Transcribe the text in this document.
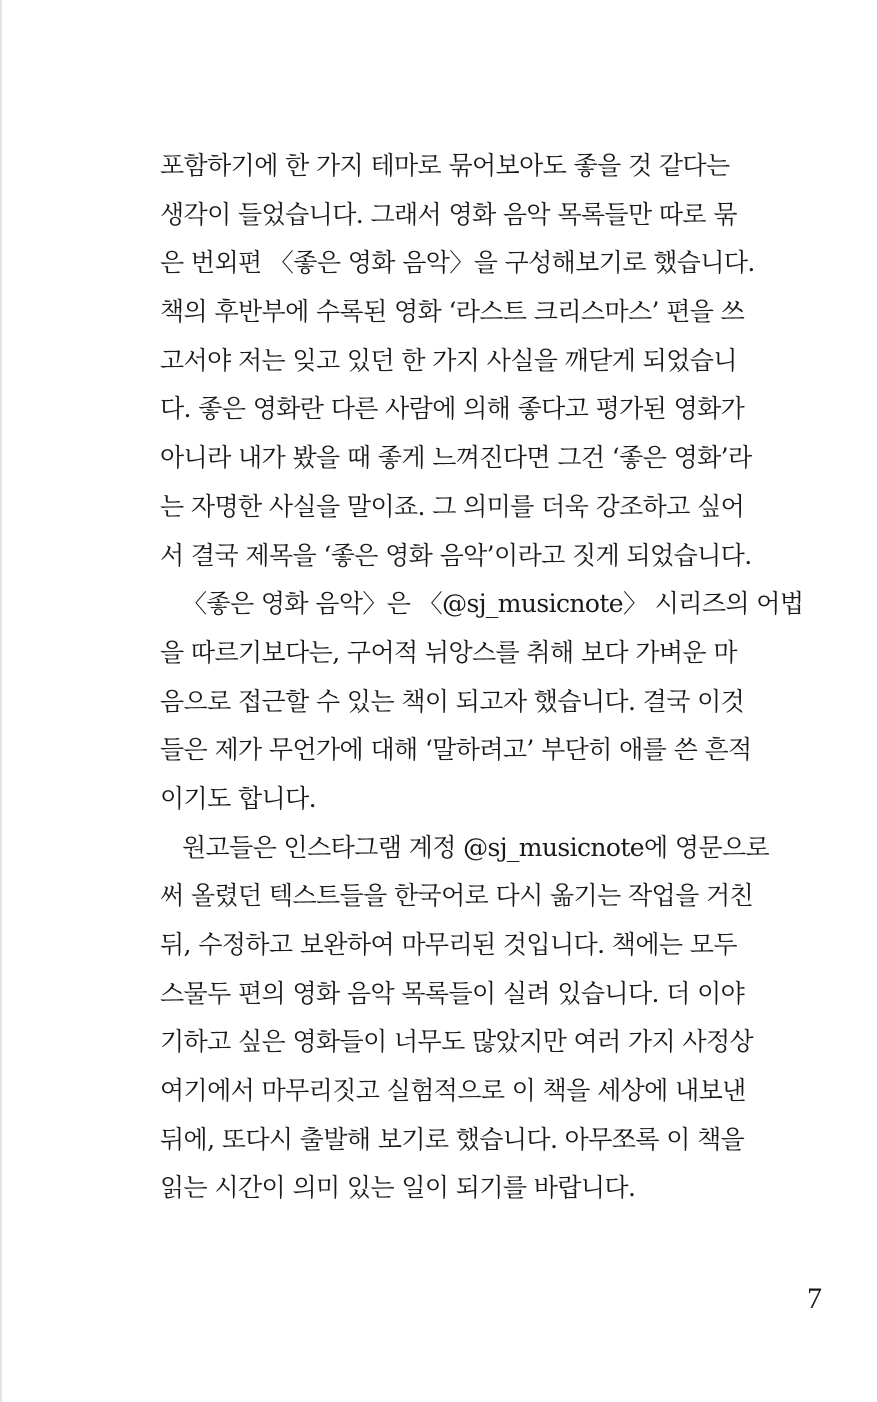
포함하기에 한 가지 테마로 묶어보아도 좋을 것 같다는
생각이 들었습니다. 그래서 영화 음악 목록들만 따로 묶
은 번외편 〈좋은 영화 음악〉을 구성해보기로 했습니다.
책의 후반부에 수록된 영화 ‘라스트 크리스마스’ 편을 쓰
고서야 저는 잊고 있던 한 가지 사실을 깨닫게 되었습니
다. 좋은 영화란 다른 사람에 의해 좋다고 평가된 영화가
아니라 내가 봤을 때 좋게 느껴진다면 그건 ‘좋은 영화’라
는 자명한 사실을 말이죠. 그 의미를 더욱 강조하고 싶어
서 결국 제목을 ‘좋은 영화 음악’이라고 짓게 되었습니다.
〈좋은 영화 음악〉은 〈@sj_musicnote〉 시리즈의 어법
을 따르기보다는, 구어적 뉘앙스를 취해 보다 가벼운 마
음으로 접근할 수 있는 책이 되고자 했습니다. 결국 이것
들은 제가 무언가에 대해 ‘말하려고’ 부단히 애를 쓴 흔적
이기도 합니다.
원고들은 인스타그램 계정 @sj_musicnote에 영문으로
써 올렸던 텍스트들을 한국어로 다시 옮기는 작업을 거친
뒤, 수정하고 보완하여 마무리된 것입니다. 책에는 모두
스물두 편의 영화 음악 목록들이 실려 있습니다. 더 이야
기하고 싶은 영화들이 너무도 많았지만 여러 가지 사정상
여기에서 마무리짓고 실험적으로 이 책을 세상에 내보낸
뒤에, 또다시 출발해 보기로 했습니다. 아무쪼록 이 책을
읽는 시간이 의미 있는 일이 되기를 바랍니다.
7
